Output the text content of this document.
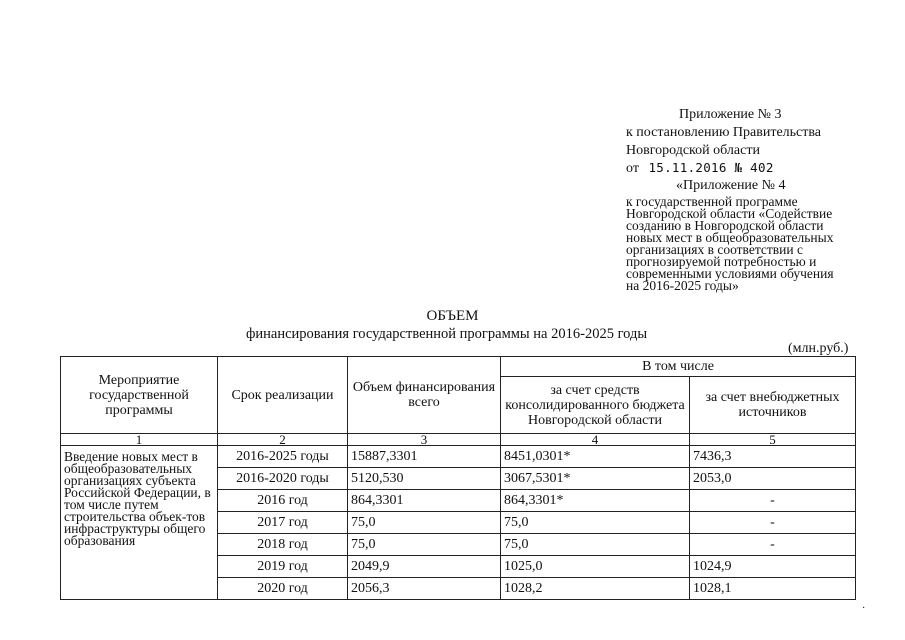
Приложение № 3
к постановлению Правительства
Новгородской области
от 15.11.2016 № 402
«Приложение № 4
к государственной программе
Новгородской области «Содействие
созданию в Новгородской области
новых мест в общеобразовательных
организациях в соответствии с
прогнозируемой потребностью и
современными условиями обучения
на 2016-2025 годы»
ОБЪЕМ
финансирования государственной программы на 2016-2025 годы
(млн.руб.)
Мероприятие государственной программы	Срок реализации	Объем финансирования всего	В том числе	
			за счет средств консолидированного бюджета Новгородской области	за счет внебюджетных источников
1	2	3	4	5
Введение новых мест в общеобразовательных организациях субъекта Российской Федерации, в том числе путем строительства объек-тов инфраструктуры общего образования	2016-2025 годы	15887,3301	8451,0301*	7436,3
	2016-2020 годы	5120,530	3067,5301*	2053,0
	2016 год	864,3301	864,3301*	-
	2017 год	75,0	75,0	-
	2018 год	75,0	75,0	-
	2019 год	2049,9	1025,0	1024,9
	2020 год	2056,3	1028,2	1028,1
·
